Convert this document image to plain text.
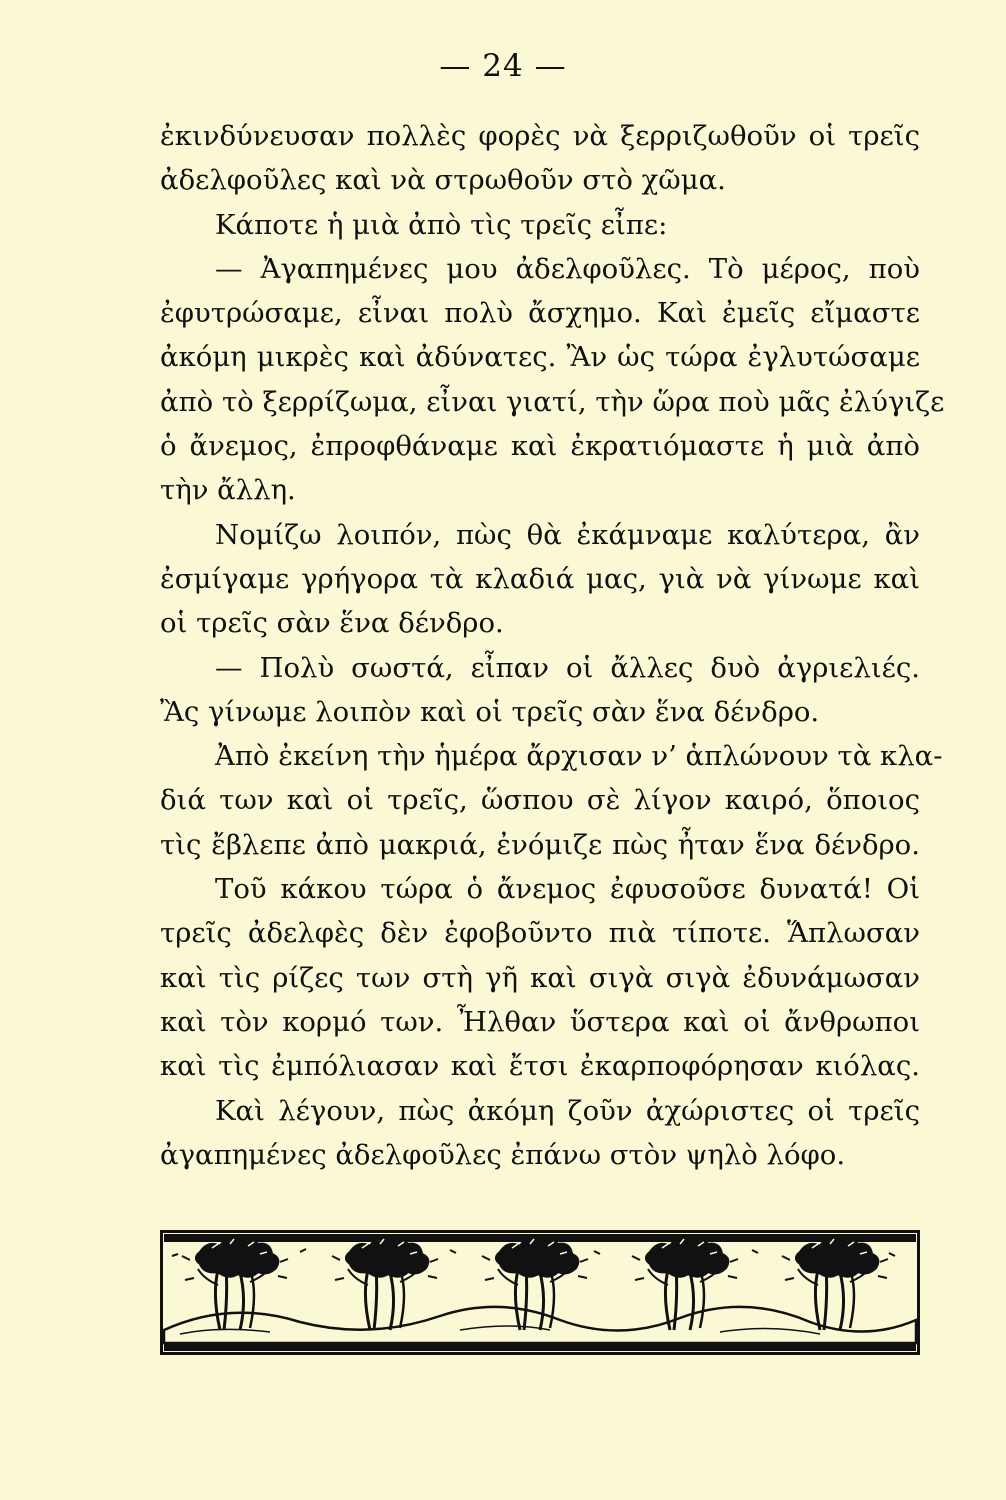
— 24 —
ἐκινδύνευσαν πολλὲς φορὲς νὰ ξερριζωθοῦν οἱ τρεῖς
ἀδελφοῦλες καὶ νὰ στρωθοῦν στὸ χῶμα.
Κάποτε ἡ μιὰ ἀπὸ τὶς τρεῖς εἶπε:
— Ἀγαπημένες μου ἀδελφοῦλες. Τὸ μέρος, ποὺ
ἐφυτρώσαμε, εἶναι πολὺ ἄσχημο. Καὶ ἐμεῖς εἴμαστε
ἀκόμη μικρὲς καὶ ἀδύνατες. Ἂν ὡς τώρα ἐγλυτώσαμε
ἀπὸ τὸ ξερρίζωμα, εἶναι γιατί, τὴν ὥρα ποὺ μᾶς ἐλύγιζε
ὁ ἄνεμος, ἐπροφθάναμε καὶ ἐκρατιόμαστε ἡ μιὰ ἀπὸ
τὴν ἄλλη.
Νομίζω λοιπόν, πὼς θὰ ἐκάμναμε καλύτερα, ἂν
ἐσμίγαμε γρήγορα τὰ κλαδιά μας, γιὰ νὰ γίνωμε καὶ
οἱ τρεῖς σὰν ἕνα δένδρο.
— Πολὺ σωστά, εἶπαν οἱ ἄλλες δυὸ ἀγριελιές.
Ἂς γίνωμε λοιπὸν καὶ οἱ τρεῖς σὰν ἕνα δένδρο.
Ἀπὸ ἐκείνη τὴν ἡμέρα ἄρχισαν ν’ ἁπλώνουν τὰ κλα-
διά των καὶ οἱ τρεῖς, ὥσπου σὲ λίγον καιρό, ὅποιος
τὶς ἔβλεπε ἀπὸ μακριά, ἐνόμιζε πὼς ἦταν ἕνα δένδρο.
Τοῦ κάκου τώρα ὁ ἄνεμος ἐφυσοῦσε δυνατά! Οἱ
τρεῖς ἀδελφὲς δὲν ἐφοβοῦντο πιὰ τίποτε. Ἅπλωσαν
καὶ τὶς ρίζες των στὴ γῆ καὶ σιγὰ σιγὰ ἐδυνάμωσαν
καὶ τὸν κορμό των. Ἦλθαν ὕστερα καὶ οἱ ἄνθρωποι
καὶ τὶς ἐμπόλιασαν καὶ ἔτσι ἐκαρποφόρησαν κιόλας.
Καὶ λέγουν, πὼς ἀκόμη ζοῦν ἀχώριστες οἱ τρεῖς
ἀγαπημένες ἀδελφοῦλες ἐπάνω στὸν ψηλὸ λόφο.
